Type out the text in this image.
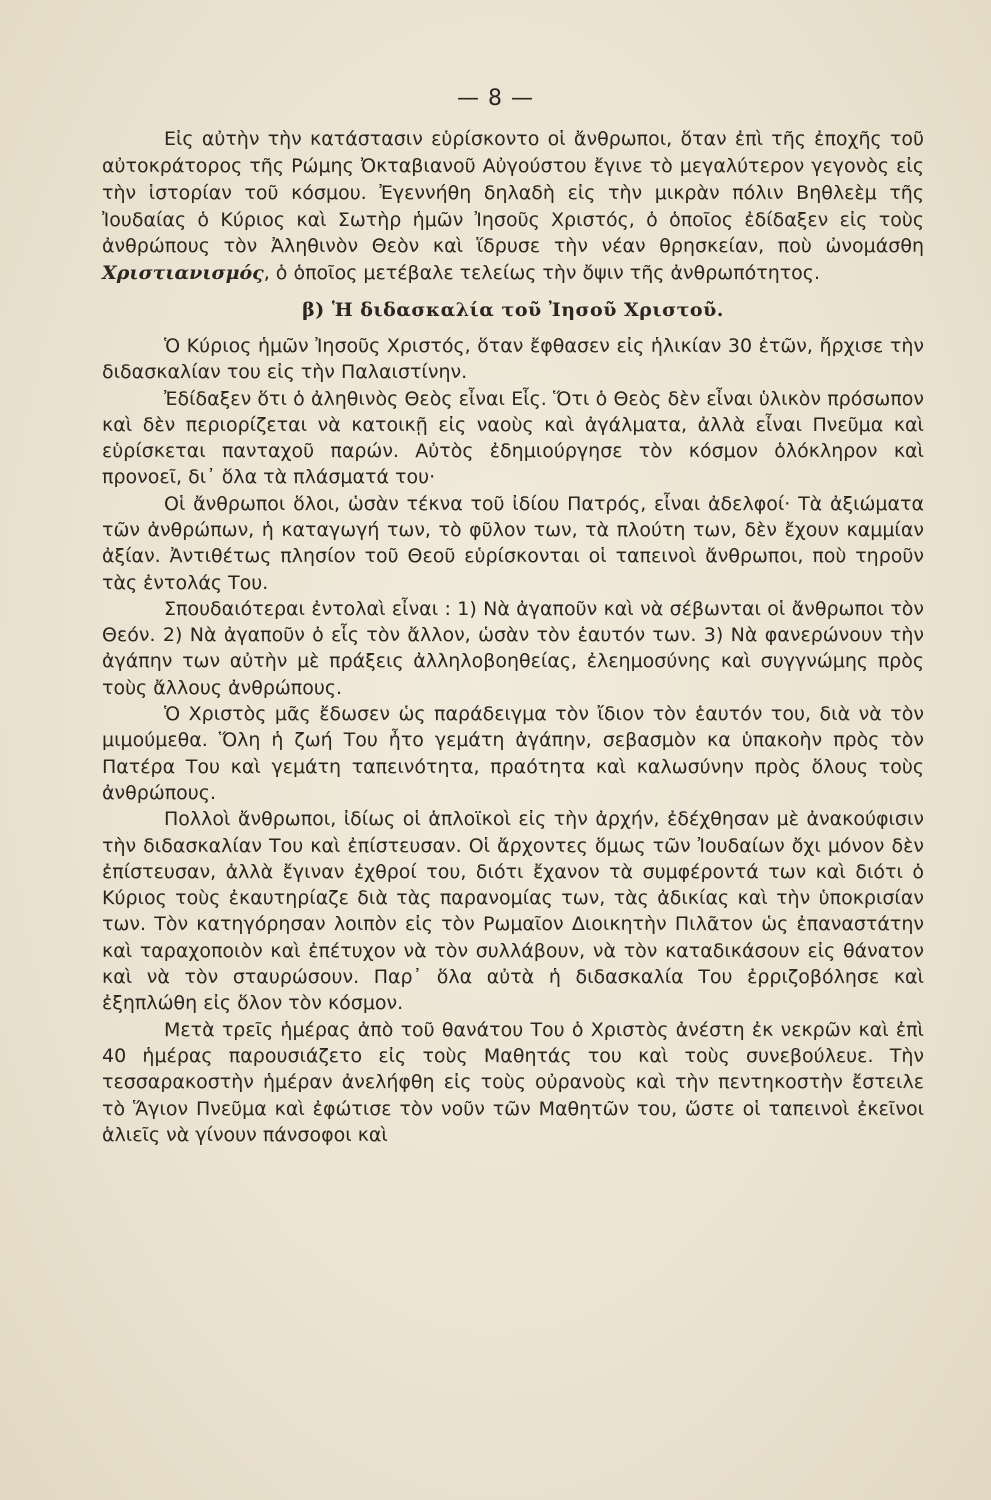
— 8 —

Εἰς αὐτὴν τὴν κατάστασιν εὑρίσκοντο οἱ ἄνθρωποι, ὅταν ἐπὶ τῆς ἐποχῆς τοῦ αὐτοκράτορος τῆς Ρώμης Ὀκταβιανοῦ Αὐγούστου ἔγινε τὸ μεγαλύτερον γεγονὸς εἰς τὴν ἱστορίαν τοῦ κόσμου. Ἐγεννήθη δηλαδὴ εἰς τὴν μικρὰν πόλιν Βηθλεὲμ τῆς Ἰουδαίας ὁ Κύριος καὶ Σωτὴρ ἡμῶν Ἰησοῦς Χριστός, ὁ ὁποῖος ἐδίδαξεν εἰς τοὺς ἀνθρώπους τὸν Ἀληθινὸν Θεὸν καὶ ἵδρυσε τὴν νέαν θρησκείαν, ποὺ ὠνομάσθη Χριστιανισμός, ὁ ὁποῖος μετέβαλε τελείως τὴν ὄψιν τῆς ἀνθρωπότητος.

β) Ἡ διδασκαλία τοῦ Ἰησοῦ Χριστοῦ.

Ὁ Κύριος ἡμῶν Ἰησοῦς Χριστός, ὅταν ἔφθασεν εἰς ἡλικίαν 30 ἐτῶν, ἤρχισε τὴν διδασκαλίαν του εἰς τὴν Παλαιστίνην.

Ἐδίδαξεν ὅτι ὁ ἀληθινὸς Θεὸς εἶναι Εἷς. Ὅτι ὁ Θεὸς δὲν εἶναι ὑλικὸν πρόσωπον καὶ δὲν περιορίζεται νὰ κατοικῇ εἰς ναοὺς καὶ ἀγάλματα, ἀλλὰ εἶναι Πνεῦμα καὶ εὑρίσκεται πανταχοῦ παρών. Αὐτὸς ἐδημιούργησε τὸν κόσμον ὁλόκληρον καὶ προνοεῖ, δι᾽ ὅλα τὰ πλάσματά του·

Οἱ ἄνθρωποι ὅλοι, ὡσὰν τέκνα τοῦ ἰδίου Πατρός, εἶναι ἀδελφοί· Τὰ ἀξιώματα τῶν ἀνθρώπων, ἡ καταγωγή των, τὸ φῦλον των, τὰ πλούτη των, δὲν ἔχουν καμμίαν ἀξίαν. Ἀντιθέτως πλησίον τοῦ Θεοῦ εὑρίσκονται οἱ ταπεινοὶ ἄνθρωποι, ποὺ τηροῦν τὰς ἐντολάς Του.

Σπουδαιότεραι ἐντολαὶ εἶναι : 1) Νὰ ἀγαποῦν καὶ νὰ σέβωνται οἱ ἄνθρωποι τὸν Θεόν. 2) Νὰ ἀγαποῦν ὁ εἷς τὸν ἄλλον, ὡσὰν τὸν ἑαυτόν των. 3) Νὰ φανερώνουν τὴν ἀγάπην των αὐτὴν μὲ πράξεις ἀλληλοβοηθείας, ἐλεημοσύνης καὶ συγγνώμης πρὸς τοὺς ἄλλους ἀνθρώπους.

Ὁ Χριστὸς μᾶς ἔδωσεν ὡς παράδειγμα τὸν ἴδιον τὸν ἑαυτόν του, διὰ νὰ τὸν μιμούμεθα. Ὅλη ἡ ζωή Του ἦτο γεμάτη ἀγάπην, σεβασμὸν κα ὑπακοὴν πρὸς τὸν Πατέρα Του καὶ γεμάτη ταπεινότητα, πραότητα καὶ καλωσύνην πρὸς ὅλους τοὺς ἀνθρώπους.

Πολλοὶ ἄνθρωποι, ἰδίως οἱ ἁπλοϊκοὶ εἰς τὴν ἀρχήν, ἐδέχθησαν μὲ ἀνακούφισιν τὴν διδασκαλίαν Του καὶ ἐπίστευσαν. Οἱ ἄρχοντες ὅμως τῶν Ἰουδαίων ὄχι μόνον δὲν ἐπίστευσαν, ἀλλὰ ἔγιναν ἐχθροί του, διότι ἔχανον τὰ συμφέροντά των καὶ διότι ὁ Κύριος τοὺς ἐκαυτηρίαζε διὰ τὰς παρανομίας των, τὰς ἀδικίας καὶ τὴν ὑποκρισίαν των. Τὸν κατηγόρησαν λοιπὸν εἰς τὸν Ρωμαῖον Διοικητὴν Πιλᾶτον ὡς ἐπαναστάτην καὶ ταραχοποιὸν καὶ ἐπέτυχον νὰ τὸν συλλάβουν, νὰ τὸν καταδικάσουν εἰς θάνατον καὶ νὰ τὸν σταυρώσουν. Παρ᾽ ὅλα αὐτὰ ἡ διδασκαλία Του ἐρριζοβόλησε καὶ ἐξηπλώθη εἰς ὅλον τὸν κόσμον.

Μετὰ τρεῖς ἡμέρας ἀπὸ τοῦ θανάτου Του ὁ Χριστὸς ἀνέστη ἐκ νεκρῶν καὶ ἐπὶ 40 ἡμέρας παρουσιάζετο εἰς τοὺς Μαθητάς του καὶ τοὺς συνεβούλευε. Τὴν τεσσαρακοστὴν ἡμέραν ἀνελήφθη εἰς τοὺς οὐρανοὺς καὶ τὴν πεντηκοστὴν ἔστειλε τὸ Ἅγιον Πνεῦμα καὶ ἐφώτισε τὸν νοῦν τῶν Μαθητῶν του, ὥστε οἱ ταπεινοὶ ἐκεῖνοι ἁλιεῖς νὰ γίνουν πάνσοφοι καὶ
